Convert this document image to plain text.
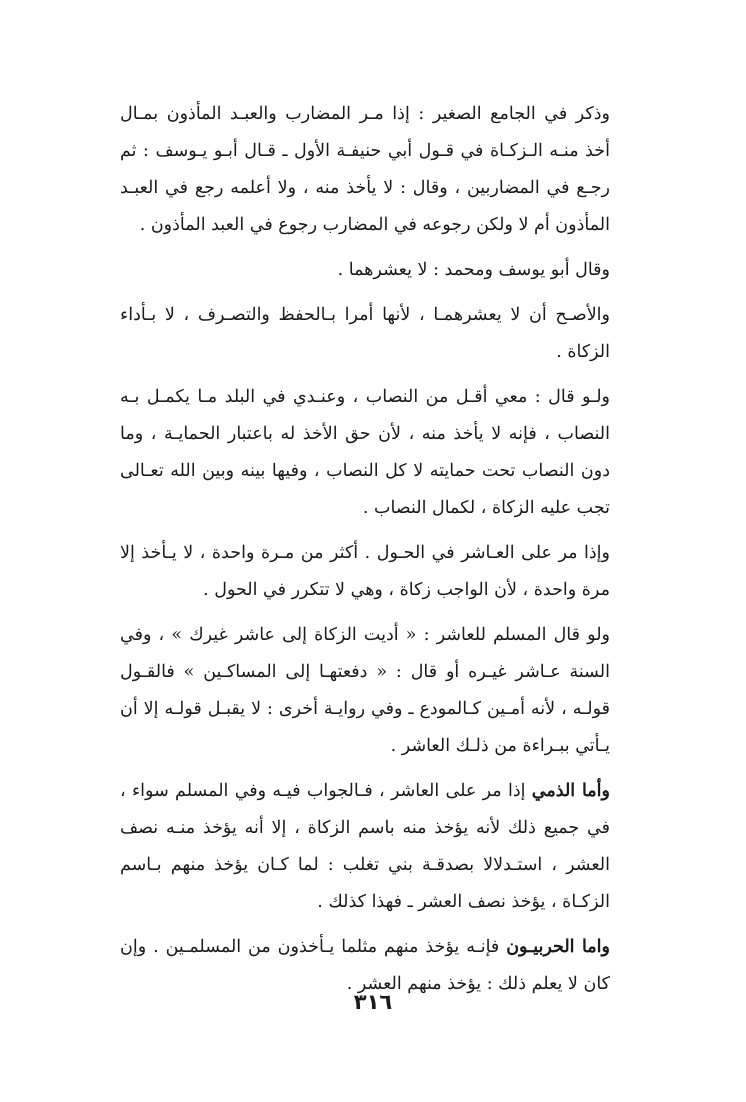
وذكر في الجامع الصغير : إذا مـر المضارب والعبـد المأذون بمـال أخذ منـه الـزكـاة في قـول أبي حنيفـة الأول ـ قـال أبـو يـوسف : ثم رجـع في المضاربين ، وقال : لا يأخذ منه ، ولا أعلمه رجع في العبـد المأذون أم لا ولكن رجوعه في المضارب رجوع في العبد المأذون .

وقال أبو يوسف ومحمد : لا يعشرهما .

والأصـح أن لا يعشرهمـا ، لأنها أمرا بـالحفظ والتصـرف ، لا بـأداء الزكاة .

ولـو قال : معي أقـل من النصاب ، وعنـدي في البلد مـا يكمـل بـه النصاب ، فإنه لا يأخذ منه ، لأن حق الأخذ له باعتبار الحمايـة ، وما دون النصاب تحت حمايته لا كل النصاب ، وفيها بينه وبين الله تعـالى تجب عليه الزكاة ، لكمال النصاب .

وإذا مر على العـاشر في الحـول . أكثر من مـرة واحدة ، لا يـأخذ إلا مرة واحدة ، لأن الواجب زكاة ، وهي لا تتكرر في الحول .

ولو قال المسلم للعاشر : « أديت الزكاة إلى عاشر غيرك » ، وفي السنة عـاشر غيـره أو قال : « دفعتهـا إلى المساكـين » فالقـول قولـه ، لأنه أمـين كـالمودع ـ وفي روايـة أخرى : لا يقبـل قولـه إلا أن يـأتي ببـراءة من ذلـك العاشر .

وأما الذمي إذا مر على العاشر ، فـالجواب فيـه وفي المسلم سواء ، في جميع ذلك لأنه يؤخذ منه باسم الزكاة ، إلا أنه يؤخذ منـه نصف العشر ، استـدلالا بصدقـة بني تغلب : لما كـان يؤخذ منهم بـاسم الزكـاة ، يؤخذ نصف العشر ـ فهذا كذلك .

واما الحربيـون فإنـه يؤخذ منهم مثلما يـأخذون من المسلمـين . وإن كان لا يعلم ذلك : يؤخذ منهم العشر .

٣١٦
